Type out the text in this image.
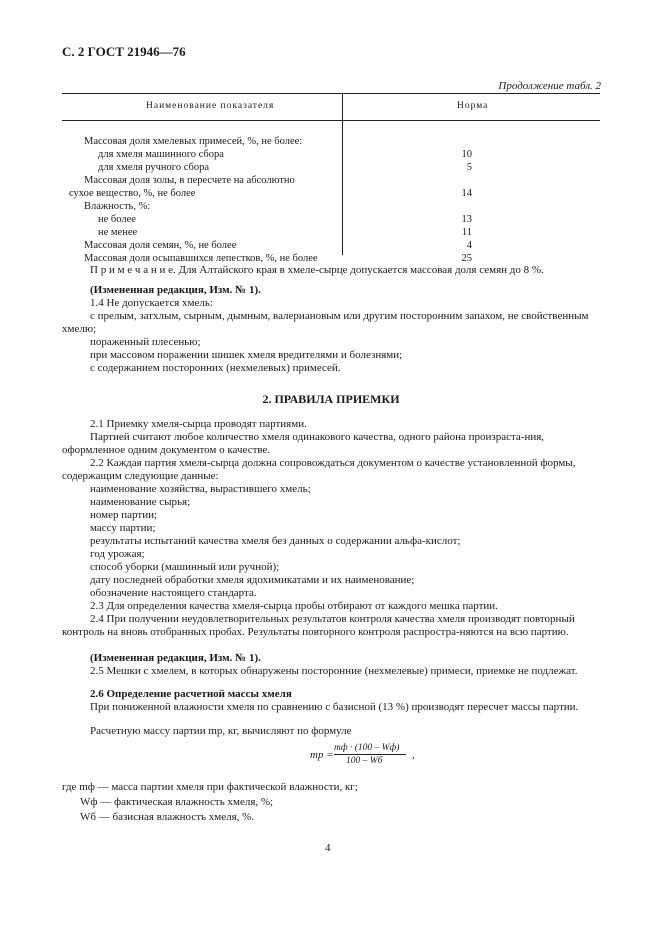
С. 2 ГОСТ 21946—76
Продолжение табл. 2
Наименование показателя	Норма
Массовая доля хмелевых примесей, %, не более:
для хмеля машинного сбора	10
для хмеля ручного сбора	5
Массовая доля золы, в пересчете на абсолютно
сухое вещество, %, не более	14
Влажность, %:
не более	13
не менее	11
Массовая доля семян, %, не более	4
Массовая доля осыпавшихся лепестков, %, не более	25
П р и м е ч а н и е. Для Алтайского края в хмеле-сырце допускается массовая доля семян до 8 %.
(Измененная редакция, Изм. № 1).
1.4 Не допускается хмель:
с прелым, затхлым, сырным, дымным, валериановым или другим посторонним запахом, не свойственным хмелю;
пораженный плесенью;
при массовом поражении шишек хмеля вредителями и болезнями;
с содержанием посторонних (нехмелевых) примесей.
2. ПРАВИЛА ПРИЕМКИ
2.1 Приемку хмеля-сырца проводят партиями.
Партией считают любое количество хмеля одинакового качества, одного района произраста-ния, оформленное одним документом о качестве.
2.2 Каждая партия хмеля-сырца должна сопровождаться документом о качестве установленной формы, содержащим следующие данные:
наименование хозяйства, вырастившего хмель;
наименование сырья;
номер партии;
массу партии;
результаты испытаний качества хмеля без данных о содержании альфа-кислот;
год урожая;
способ уборки (машинный или ручной);
дату последней обработки хмеля ядохимикатами и их наименование;
обозначение настоящего стандарта.
2.3 Для определения качества хмеля-сырца пробы отбирают от каждого мешка партии.
2.4 При получении неудовлетворительных результатов контроля качества хмеля производят повторный контроль на вновь отобранных пробах. Результаты повторного контроля распростра-няются на всю партию.
(Измененная редакция, Изм. № 1).
2.5 Мешки с хмелем, в которых обнаружены посторонние (нехмелевые) примеси, приемке не подлежат.
2.6 Определение расчетной массы хмеля
При пониженной влажности хмеля по сравнению с базисной (13 %) производят пересчет массы партии.
Расчетную массу партии mр, кг, вычисляют по формуле
mр =
mф · (100 – Wф)
100 – Wб	,
где mф — масса партии хмеля при фактической влажности, кг;
Wф — фактическая влажность хмеля, %;
Wб — базисная влажность хмеля, %.
4
